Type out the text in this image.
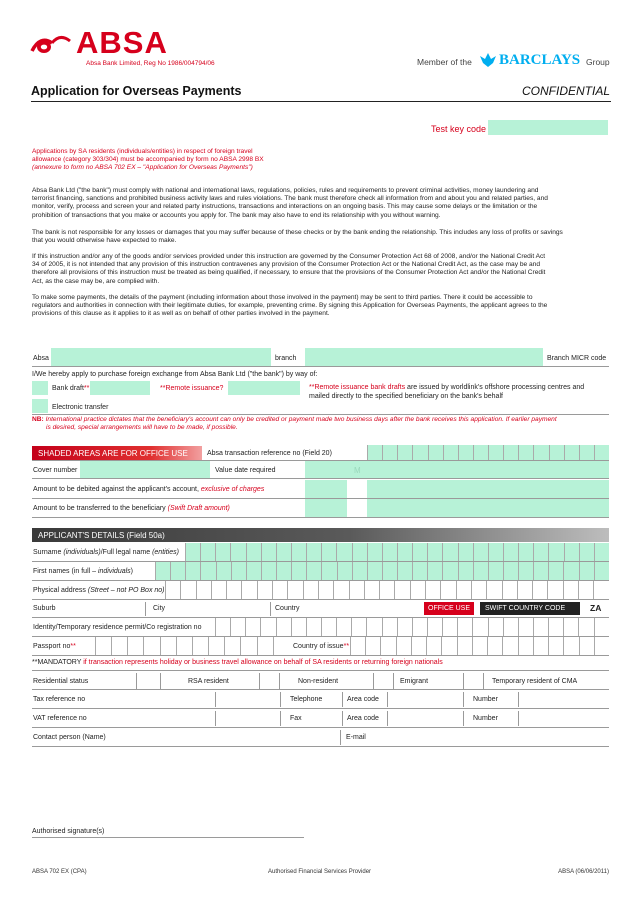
ABSA
Absa Bank Limited, Reg No 1986/004794/06	Member of the BARCLAYS Group
Application for Overseas Payments	CONFIDENTIAL
Test key code
Applications by SA residents (individuals/entities) in respect of foreign travel
allowance (category 303/304) must be accompanied by form no ABSA 2998 BX
(annexure to form no ABSA 702 EX – "Application for Overseas Payments")
Absa Bank Ltd ("the bank") must comply with national and international laws, regulations, policies, rules and requirements to prevent criminal activities, money laundering and
terrorist financing, sanctions and prohibited business activity laws and rules violations. The bank must therefore check all information from and about you and related parties, and
monitor, verify, process and screen your and related party instructions, transactions and interactions on an ongoing basis. This may cause some delays or the limitation or the
prohibition of transactions that you make or accounts you apply for. The bank may also have to end its relationship with you without warning.
The bank is not responsible for any losses or damages that you may suffer because of these checks or by the bank ending the relationship. This includes any loss of profits or savings
that you would otherwise have expected to make.
If this instruction and/or any of the goods and/or services provided under this instruction are governed by the Consumer Protection Act 68 of 2008, and/or the National Credit Act
34 of 2005, it is not intended that any provision of this instruction contravenes any provision of the Consumer Protection Act or the National Credit Act, as the case may be and
therefore all provisions of this instruction must be treated as being qualified, if necessary, to ensure that the provisions of the Consumer Protection Act and/or the National Credit
Act, as the case may be, are complied with.
To make some payments, the details of the payment (including information about those involved in the payment) may be sent to third parties. There it could be accessible to
regulators and authorities in connection with their legitimate duties, for example, preventing crime. By signing this Application for Overseas Payments, the applicant agrees to the
provisions of this clause as it applies to it as well as on behalf of other parties involved in the payment.
Absa	branch	Branch MICR code
I/We hereby apply to purchase foreign exchange from Absa Bank Ltd ("the bank") by way of:
Bank draft**	**Remote issuance?	**Remote issuance bank drafts are issued by worldlink's offshore processing centres and
mailed directly to the specified beneficiary on the bank's behalf
Electronic transfer
NB: International practice dictates that the beneficiary's account can only be credited or payment made two business days after the bank receives this application. If earlier payment
is desired, special arrangements will have to be made, if possible.
SHADED AREAS ARE FOR OFFICE USE	Absa transaction reference no (Field 20)
Cover number	Value date required	M
Amount to be debited against the applicant's account, exclusive of charges
Amount to be transferred to the beneficiary (Swift Draft amount)
APPLICANT'S DETAILS (Field 50a)
Surname (individuals)/Full legal name (entities)
First names (in full – individuals)
Physical address (Street – not PO Box no)
Suburb	City	Country	OFFICE USE	SWIFT COUNTRY CODE	ZA
Identity/Temporary residence permit/Co registration no
Passport no**	Country of issue**
**MANDATORY if transaction represents holiday or business travel allowance on behalf of SA residents or returning foreign nationals
Residential status	RSA resident	Non-resident	Emigrant	Temporary resident of CMA
Tax reference no	Telephone	Area code	Number
VAT reference no	Fax	Area code	Number
Contact person (Name)	E-mail
Authorised signature(s)
ABSA 702 EX (CPA)	Authorised Financial Services Provider	ABSA (06/06/2011)
